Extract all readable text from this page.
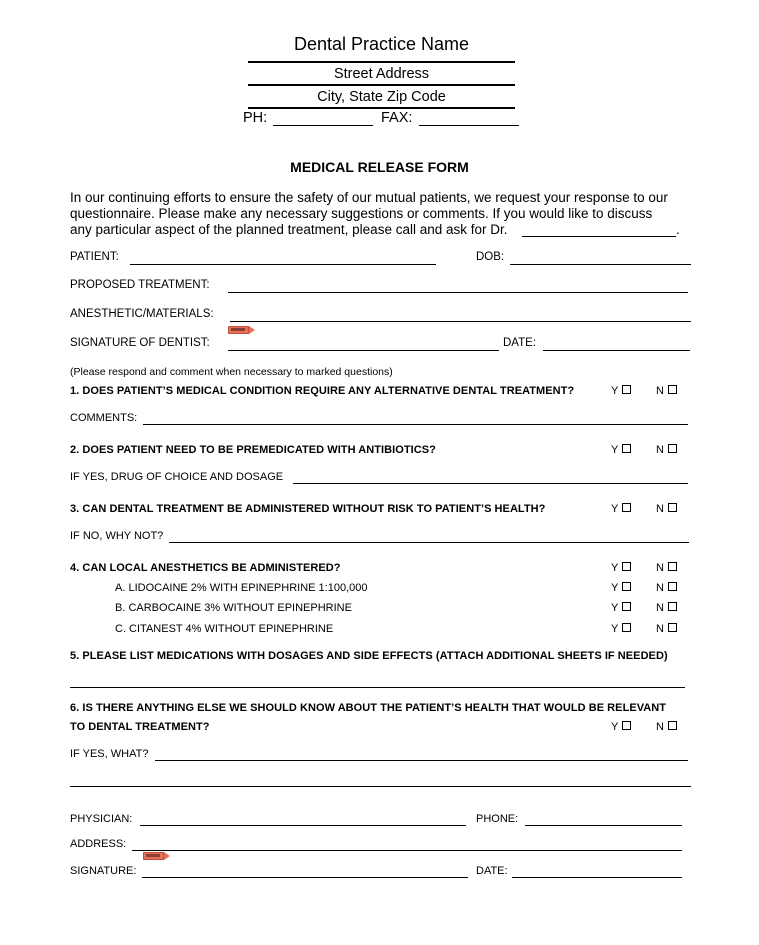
Dental Practice Name
Street Address
City, State Zip Code
PH:	FAX:
MEDICAL RELEASE FORM
In our continuing efforts to ensure the safety of our mutual patients, we request your response to our
questionnaire. Please make any necessary suggestions or comments. If you would like to discuss
any particular aspect of the planned treatment, please call and ask for Dr.	.
PATIENT:	DOB:
PROPOSED TREATMENT:
ANESTHETIC/MATERIALS:
SIGNATURE OF DENTIST:	DATE:
(Please respond and comment when necessary to marked questions)
1. DOES PATIENT’S MEDICAL CONDITION REQUIRE ANY ALTERNATIVE DENTAL TREATMENT?	Y	N
COMMENTS:
2. DOES PATIENT NEED TO BE PREMEDICATED WITH ANTIBIOTICS?	Y	N
IF YES, DRUG OF CHOICE AND DOSAGE
3. CAN DENTAL TREATMENT BE ADMINISTERED WITHOUT RISK TO PATIENT’S HEALTH?	Y	N
IF NO, WHY NOT?
4. CAN LOCAL ANESTHETICS BE ADMINISTERED?	Y	N
A. LIDOCAINE 2% WITH EPINEPHRINE 1:100,000	Y	N
B. CARBOCAINE 3% WITHOUT EPINEPHRINE	Y	N
C. CITANEST 4% WITHOUT EPINEPHRINE	Y	N
5. PLEASE LIST MEDICATIONS WITH DOSAGES AND SIDE EFFECTS (ATTACH ADDITIONAL SHEETS IF NEEDED)
6. IS THERE ANYTHING ELSE WE SHOULD KNOW ABOUT THE PATIENT’S HEALTH THAT WOULD BE RELEVANT
TO DENTAL TREATMENT?	Y	N
IF YES, WHAT?
PHYSICIAN:	PHONE:
ADDRESS:
SIGNATURE:	DATE:
